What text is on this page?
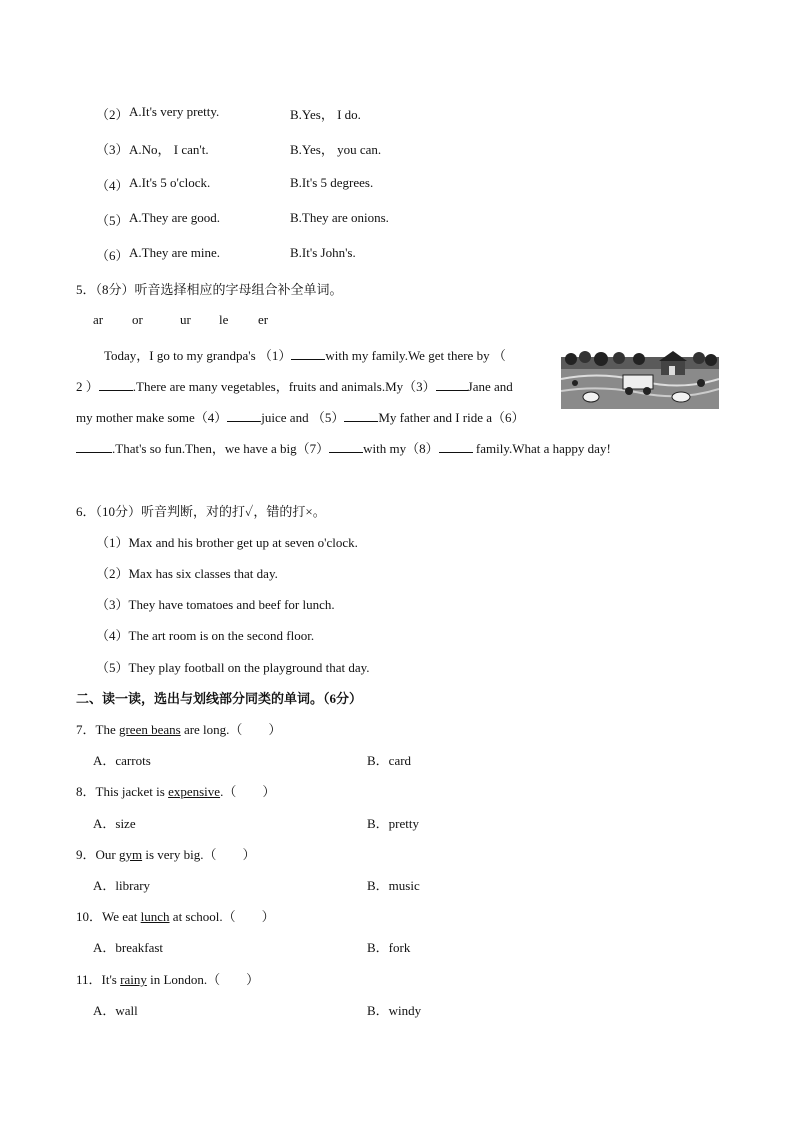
（2） A.It's very pretty.	B.Yes， I do.
（3） A.No， I can't.	B.Yes， you can.
（4） A.It's 5 o'clock.	B.It's 5 degrees.
（5） A.They are good.	B.They are onions.
（6） A.They are mine.	B.It's John's.
5．（8分）听音选择相应的字母组合补全单词。
ar or	ur le er
Today，I go to my grandpa's （1）	with my family.We get there by （
2 ）	.There are many vegetables，fruits and animals.My（3） Jane and
my mother make some（4）	juice and （5）	My father and I ride a（6）
.That's so fun.Then，we have a big（7）	with my（8）	family.What a happy day!
6．（10分）听音判断，对的打✓，错的打×。
（1）Max and his brother get up at seven o'clock.
（2）Max has six classes that day.
（3）They have tomatoes and beef for lunch.
（4）The art room is on the second floor.
（5）They play football on the playground that day.
二、读一读，选出与划线部分同类的单词。（6分）
7．The green beans are long.（　　）
A．carrots	B．card
8．This jacket is expensive.（　　）
A．size	B．pretty
9．Our gym is very big.（　　）
A．library	B．music
10．We eat lunch at school.（　　）
A．breakfast	B．fork
11．It's rainy in London.（　　）
A．wall	B．windy
